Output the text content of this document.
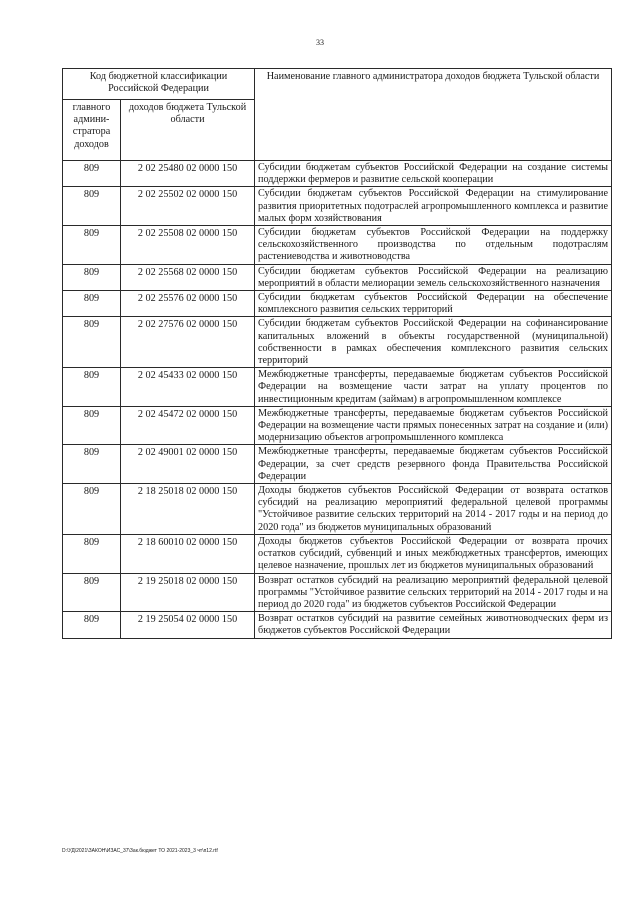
33
Код бюджетной классификации Российской Федерации		Наименование главного администратора доходов бюджета Тульской области
главного админи-стратора доходов	доходов бюджета Тульской области	
809	2 02 25480 02 0000 150	Субсидии бюджетам субъектов Российской Федерации на создание системы поддержки фермеров и развитие сельской кооперации
809	2 02 25502 02 0000 150	Субсидии бюджетам субъектов Российской Федерации на стимулирование развития приоритетных подотраслей агропромышленного комплекса и развитие малых форм хозяйствования
809	2 02 25508 02 0000 150	Субсидии бюджетам субъектов Российской Федерации на поддержку сельскохозяйственного производства по отдельным подотраслям растениеводства и животноводства
809	2 02 25568 02 0000 150	Субсидии бюджетам субъектов Российской Федерации на реализацию мероприятий в области мелиорации земель сельскохозяйственного назначения
809	2 02 25576 02 0000 150	Субсидии бюджетам субъектов Российской Федерации на обеспечение комплексного развития сельских территорий
809	2 02 27576 02 0000 150	Субсидии бюджетам субъектов Российской Федерации на софинансирование капитальных вложений в объекты государственной (муниципальной) собственности в рамках обеспечения комплексного развития сельских территорий
809	2 02 45433 02 0000 150	Межбюджетные трансферты, передаваемые бюджетам субъектов Российской Федерации на возмещение части затрат на уплату процентов по инвестиционным кредитам (займам) в агропромышленном комплексе
809	2 02 45472 02 0000 150	Межбюджетные трансферты, передаваемые бюджетам субъектов Российской Федерации на возмещение части прямых понесенных затрат на создание и (или) модернизацию объектов агропромышленного комплекса
809	2 02 49001 02 0000 150	Межбюджетные трансферты, передаваемые бюджетам субъектов Российской Федерации, за счет средств резервного фонда Правительства Российской Федерации
809	2 18 25018 02 0000 150	Доходы бюджетов субъектов Российской Федерации от возврата остатков субсидий на реализацию мероприятий федеральной целевой программы "Устойчивое развитие сельских территорий на 2014 - 2017 годы и на период до 2020 года" из бюджетов муниципальных образований
809	2 18 60010 02 0000 150	Доходы бюджетов субъектов Российской Федерации от возврата прочих остатков субсидий, субвенций и иных межбюджетных трансфертов, имеющих целевое назначение, прошлых лет из бюджетов муниципальных образований
809	2 19 25018 02 0000 150	Возврат остатков субсидий на реализацию мероприятий федеральной целевой программы "Устойчивое развитие сельских территорий на 2014 - 2017 годы и на период до 2020 года" из бюджетов субъектов Российской Федерации
809	2 19 25054 02 0000 150	Возврат остатков субсидий на развитие семейных животноводческих ферм из бюджетов субъектов Российской Федерации
D:\УД\2021\ЗАКОН\ИЗАС_37\Зак.бюджет ТО 2021-2023_3 чт\п12.rtf
